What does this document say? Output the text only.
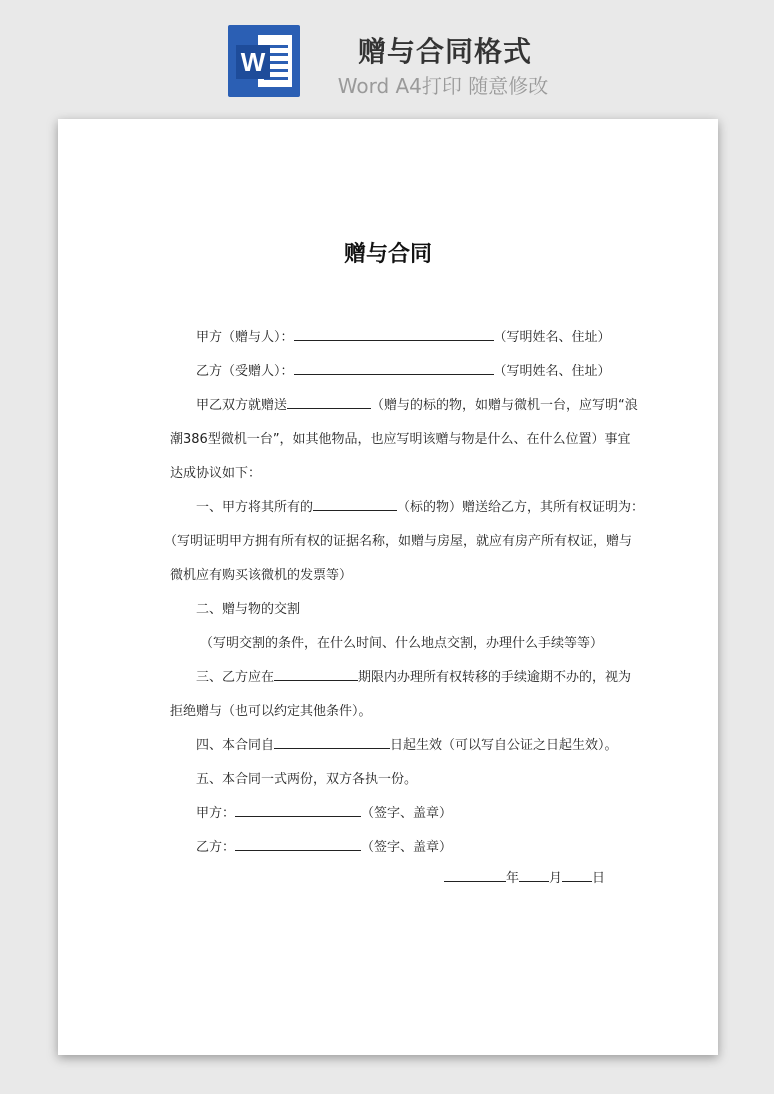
W	赠与合同格式
Word A4打印 随意修改
赠与合同
甲方（赠与人）：	（写明姓名、住址）
乙方（受赠人）：	（写明姓名、住址）
甲乙双方就赠送	（赠与的标的物，如赠与微机一台，应写明“浪
潮386型微机一台”，如其他物品，也应写明该赠与物是什么、在什么位置）事宜
达成协议如下：
一、甲方将其所有的	（标的物）赠送给乙方，其所有权证明为：
（写明证明甲方拥有所有权的证据名称，如赠与房屋，就应有房产所有权证，赠与
微机应有购买该微机的发票等）
二、赠与物的交割
（写明交割的条件，在什么时间、什么地点交割，办理什么手续等等）
三、乙方应在	期限内办理所有权转移的手续逾期不办的，视为
拒绝赠与（也可以约定其他条件）。
四、本合同自	日起生效（可以写自公证之日起生效）。
五、本合同一式两份，双方各执一份。
甲方：	（签字、盖章）
乙方：	（签字、盖章）
年 月 日
